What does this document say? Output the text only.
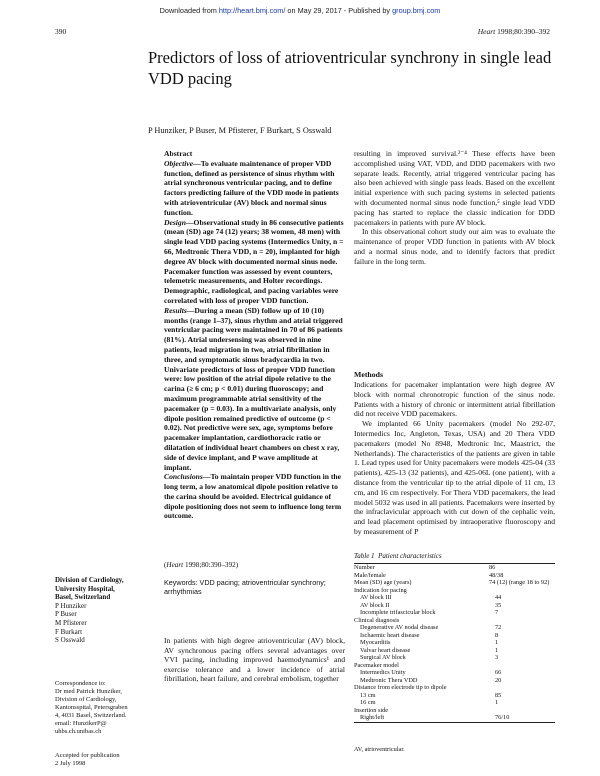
Downloaded from http://heart.bmj.com/ on May 29, 2017 - Published by group.bmj.com
390	Heart 1998;80:390–392
Predictors of loss of atrioventricular synchrony in single lead VDD pacing
P Hunziker, P Buser, M Pfisterer, F Burkart, S Osswald

Abstract

Objective—To evaluate maintenance of proper VDD function, defined as persistence of sinus rhythm with atrial synchronous ventricular pacing, and to define factors predicting failure of the VDD mode in patients with atrioventricular (AV) block and normal sinus function.

Design—Observational study in 86 consecutive patients (mean (SD) age 74 (12) years; 38 women, 48 men) with single lead VDD pacing systems (Intermedics Unity, n = 66, Medtronic Thera VDD, n = 20), implanted for high degree AV block with documented normal sinus node. Pacemaker function was assessed by event counters, telemetric measurements, and Holter recordings. Demographic, radiological, and pacing variables were correlated with loss of proper VDD function.

Results—During a mean (SD) follow up of 10 (10) months (range 1–37), sinus rhythm and atrial triggered ventricular pacing were maintained in 70 of 86 patients (81%). Atrial undersensing was observed in nine patients, lead migration in two, atrial fibrillation in three, and symptomatic sinus bradycardia in two. Univariate predictors of loss of proper VDD function were: low position of the atrial dipole relative to the carina (≥ 6 cm; p < 0.01) during fluoroscopy; and maximum programmable atrial sensitivity of the pacemaker (p = 0.03). In a multivariate analysis, only dipole position remained predictive of outcome (p < 0.02). Not predictive were sex, age, symptoms before pacemaker implantation, cardiothoracic ratio or dilatation of individual heart chambers on chest x ray, side of device implant, and P wave amplitude at implant.

Conclusions—To maintain proper VDD function in the long term, a low anatomical dipole position relative to the carina should be avoided. Electrical guidance of dipole positioning does not seem to influence long term outcome.

(Heart 1998;80:390–392)
Keywords: VDD pacing; atrioventricular synchrony; arrhythmias
In patients with high degree atrioventricular (AV) block, AV synchronous pacing offers several advantages over VVI pacing, including improved haemodynamics¹ and exercise tolerance and a lower incidence of atrial fibrillation, heart failure, and cerebral embolism, together

resulting in improved survival.²⁻⁴ These effects have been accomplished using VAT, VDD, and DDD pacemakers with two separate leads. Recently, atrial triggered ventricular pacing has also been achieved with single pass leads. Based on the excellent initial experience with such pacing systems in selected patients with documented normal sinus node function,⁵ single lead VDD pacing has started to replace the classic indication for DDD pacemakers in patients with pure AV block.

In this observational cohort study our aim was to evaluate the maintenance of proper VDD function in patients with AV block and a normal sinus node, and to identify factors that predict failure in the long term.

Methods

Indications for pacemaker implantation were high degree AV block with normal chronotropic function of the sinus node. Patients with a history of chronic or intermittent atrial fibrillation did not receive VDD pacemakers.

We implanted 66 Unity pacemakers (model No 292-07, Intermedics Inc, Angleton, Texas, USA) and 20 Thera VDD pacemakers (model No 8948, Medtronic Inc, Maastrict, the Netherlands). The characteristics of the patients are given in table 1. Lead types used for Unity pacemakers were models 425-04 (33 patients), 425-13 (32 patients), and 425-06L (one patient), with a distance from the ventricular tip to the atrial dipole of 11 cm, 13 cm, and 16 cm respectively. For Thera VDD pacemakers, the lead model 5032 was used in all patients. Pacemakers were inserted by the infraclavicular approach with cut down of the cephalic vein, and lead placement optimised by intraoperative fluoroscopy and by measurement of P

Division of Cardiology,
University Hospital,
Basel, Switzerland
P Hunziker
P Buser
M Pfisterer
F Burkart
S Osswald
Correspondence to:
Dr med Patrick Hunziker,
Division of Cardiology,
Kantonsspital, Petersgraben
4, 4031 Basel, Switzerland.
email: HunzikerP@
uhbs.ch.unibas.ch
Accepted for publication
2 July 1998
Table 1 Patient characteristics
Number	86
Male/female	48/38
Mean (SD) age (years)	74 (12) (range 18 to 92)
Indication for pacing
AV block III	44
AV block II	35
Incomplete trifascicular block	7
Clinical diagnosis
Degenerative AV nodal disease	72
Ischaemic heart disease	8
Myocarditis	1
Valvar heart disease	1
Surgical AV block	3
Pacemaker model
Intermedics Unity	66
Medtronic Thera VDD	20
Distance from electrode tip to dipole
13 cm	85
16 cm	1
Insertion side
Right/left	76/10
AV, atrioventricular.
